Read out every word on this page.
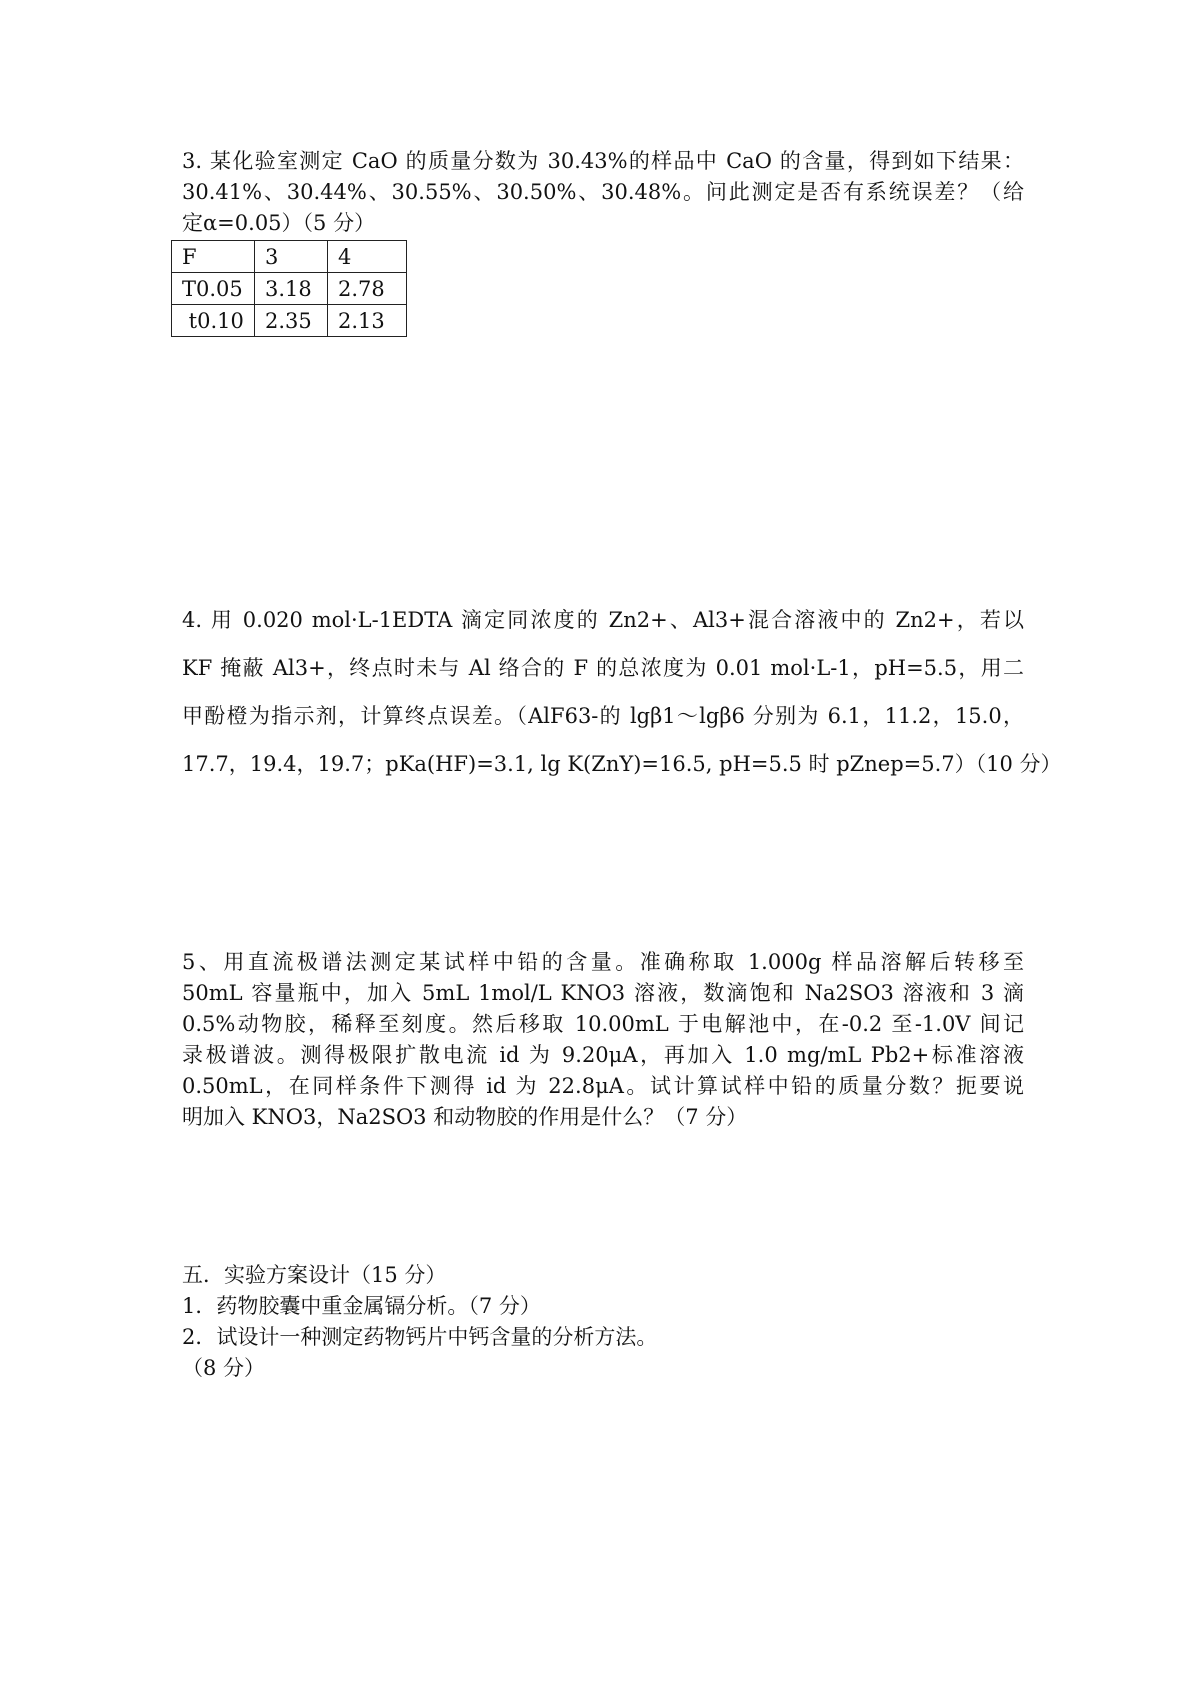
3. 某化验室测定 CaO 的质量分数为 30.43%的样品中 CaO 的含量，得到如下结果：
30.41%、30.44%、30.55%、30.50%、30.48%。问此测定是否有系统误差？（给
定α=0.05）（5 分）
F	3	4
T0.05	3.18	2.78
t0.10	2.35	2.13
4. 用 0.020 mol·L-1EDTA 滴定同浓度的 Zn2+、Al3+混合溶液中的 Zn2+，若以
KF 掩蔽 Al3+，终点时未与 Al 络合的 F 的总浓度为 0.01 mol·L-1，pH=5.5，用二
甲酚橙为指示剂，计算终点误差。（AlF63-的 lgβ1～lgβ6 分别为 6.1，11.2，15.0，
17.7，19.4，19.7；pKa(HF)=3.1, lg K(ZnY)=16.5, pH=5.5 时 pZnep=5.7）（10 分）
5、用直流极谱法测定某试样中铅的含量。准确称取 1.000g 样品溶解后转移至
50mL 容量瓶中，加入 5mL 1mol/L KNO3 溶液，数滴饱和 Na2SO3 溶液和 3 滴
0.5%动物胶，稀释至刻度。然后移取 10.00mL 于电解池中，在-0.2 至-1.0V 间记
录极谱波。测得极限扩散电流 id 为 9.20μA，再加入 1.0 mg/mL Pb2+标准溶液
0.50mL，在同样条件下测得 id 为 22.8μA。试计算试样中铅的质量分数？扼要说
明加入 KNO3，Na2SO3 和动物胶的作用是什么？（7 分）
五．实验方案设计（15 分）
1．药物胶囊中重金属镉分析。（7 分）
2．试设计一种测定药物钙片中钙含量的分析方法。
（8 分）
